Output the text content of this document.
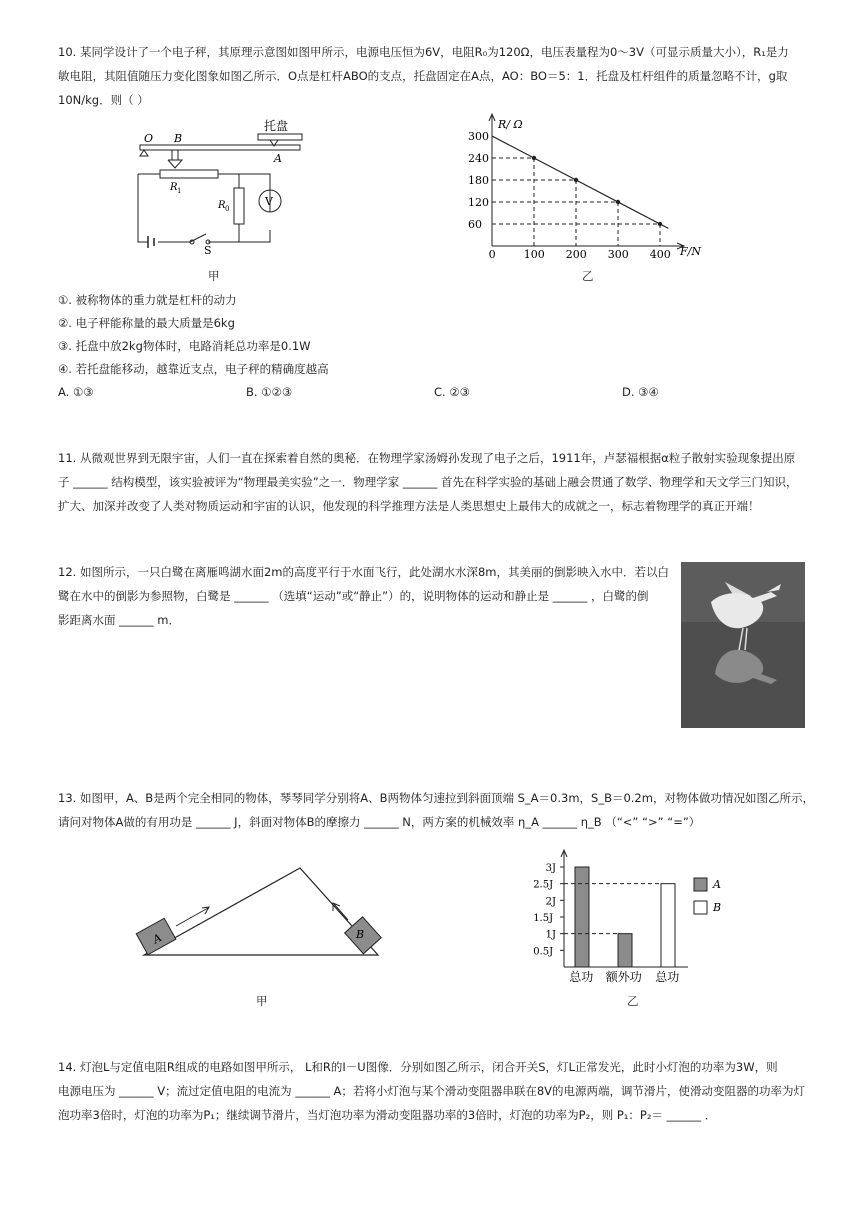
10. 某同学设计了一个电子秤，其原理示意图如图甲所示，电源电压恒为6V，电阻R₀为120Ω，电压表量程为0～3V（可显示质量大小），R₁是力
敏电阻，其阻值随压力变化图象如图乙所示．O点是杠杆ABO的支点，托盘固定在A点，AO：BO＝5：1．托盘及杠杆组件的质量忽略不计，g取
10N/kg．则（ ）
O B
A
托盘
R 1
R 0
V
S
甲
0	100 200 300 400
60
120
180
240
300
R/ Ω
F/N
乙
①. 被称物体的重力就是杠杆的动力
②. 电子秤能称量的最大质量是6kg
③. 托盘中放2kg物体时，电路消耗总功率是0.1W
④. 若托盘能移动，越靠近支点，电子秤的精确度越高
A. ①③	B. ①②③	C. ②③	D. ③④
11. 从微观世界到无限宇宙，人们一直在探索着自然的奥秘．在物理学家汤姆孙发现了电子之后，1911年，卢瑟福根据α粒子散射实验现象提出原
子 ______ 结构模型，该实验被评为“物理最美实验”之一．物理学家 ______ 首先在科学实验的基础上融会贯通了数学、物理学和天文学三门知识，
扩大、加深并改变了人类对物质运动和宇宙的认识，他发现的科学推理方法是人类思想史上最伟大的成就之一，标志着物理学的真正开端！
12. 如图所示，一只白鹭在离雁鸣湖水面2m的高度平行于水面飞行，此处湖水水深8m，其美丽的倒影映入水中．若以白
鹭在水中的倒影为参照物，白鹭是 ______ （选填“运动”或“静止”）的，说明物体的运动和静止是 ______ ，白鹭的倒
影距离水面 ______ m．
13. 如图甲，A、B是两个完全相同的物体，琴琴同学分别将A、B两物体匀速拉到斜面顶端 S_A＝0.3m，S_B＝0.2m，对物体做功情况如图乙所示，
请问对物体A做的有用功是 ______ J，斜面对物体B的摩擦力 ______ N，两方案的机械效率 η_A ______ η_B （“<” “>” “=”）
A	B
甲
0.5J
1J
1.5J
2J
2.5J
3J
总功 额外功 总功
A
B
乙
14. 灯泡L与定值电阻R组成的电路如图甲所示， L和R的I－U图像．分别如图乙所示，闭合开关S，灯L正常发光，此时小灯泡的功率为3W，则
电源电压为 ______ V；流过定值电阻的电流为 ______ A；若将小灯泡与某个滑动变阻器串联在8V的电源两端，调节滑片，使滑动变阻器的功率为灯
泡功率3倍时，灯泡的功率为P₁；继续调节滑片，当灯泡功率为滑动变阻器功率的3倍时，灯泡的功率为P₂，则 P₁：P₂＝ ______ ．
